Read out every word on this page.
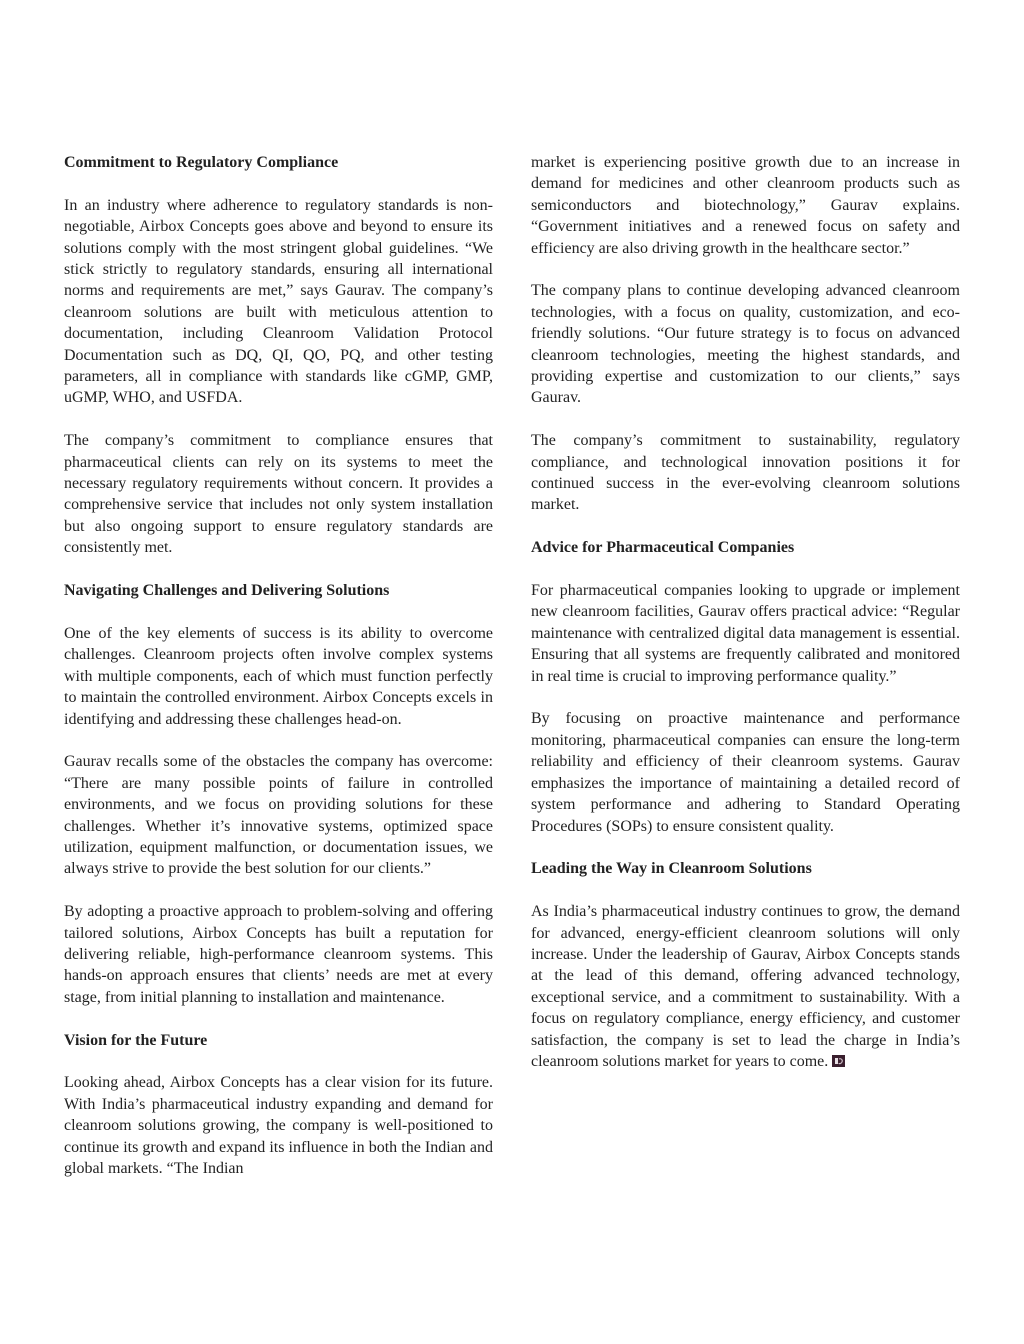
Commitment to Regulatory Compliance

In an industry where adherence to regulatory standards is non-negotiable, Airbox Concepts goes above and beyond to ensure its solutions comply with the most stringent global guidelines. “We stick strictly to regulatory standards, ensuring all international norms and requirements are met,” says Gaurav. The company’s cleanroom solutions are built with meticulous attention to documentation, including Cleanroom Validation Protocol Documentation such as DQ, QI, QO, PQ, and other testing parameters, all in compliance with standards like cGMP, GMP, uGMP, WHO, and USFDA.

The company’s commitment to compliance ensures that pharmaceutical clients can rely on its systems to meet the necessary regulatory requirements without concern. It provides a comprehensive service that includes not only system installation but also ongoing support to ensure regulatory standards are consistently met.

Navigating Challenges and Delivering Solutions

One of the key elements of success is its ability to overcome challenges. Cleanroom projects often involve complex systems with multiple components, each of which must function perfectly to maintain the controlled environment. Airbox Concepts excels in identifying and addressing these challenges head-on.

Gaurav recalls some of the obstacles the company has overcome: “There are many possible points of failure in controlled environments, and we focus on providing solutions for these challenges. Whether it’s innovative systems, optimized space utilization, equipment malfunction, or documentation issues, we always strive to provide the best solution for our clients.”

By adopting a proactive approach to problem-solving and offering tailored solutions, Airbox Concepts has built a reputation for delivering reliable, high-performance cleanroom systems. This hands-on approach ensures that clients’ needs are met at every stage, from initial planning to installation and maintenance.

Vision for the Future

Looking ahead, Airbox Concepts has a clear vision for its future. With India’s pharmaceutical industry expanding and demand for cleanroom solutions growing, the company is well-positioned to continue its growth and expand its influence in both the Indian and global markets. “The Indian

market is experiencing positive growth due to an increase in demand for medicines and other cleanroom products such as semiconductors and biotechnology,” Gaurav explains. “Government initiatives and a renewed focus on safety and efficiency are also driving growth in the healthcare sector.”

The company plans to continue developing advanced cleanroom technologies, with a focus on quality, customization, and eco-friendly solutions. “Our future strategy is to focus on advanced cleanroom technologies, meeting the highest standards, and providing expertise and customization to our clients,” says Gaurav.

The company’s commitment to sustainability, regulatory compliance, and technological innovation positions it for continued success in the ever-evolving cleanroom solutions market.

Advice for Pharmaceutical Companies

For pharmaceutical companies looking to upgrade or implement new cleanroom facilities, Gaurav offers practical advice: “Regular maintenance with centralized digital data management is essential. Ensuring that all systems are frequently calibrated and monitored in real time is crucial to improving performance quality.”

By focusing on proactive maintenance and performance monitoring, pharmaceutical companies can ensure the long-term reliability and efficiency of their cleanroom systems. Gaurav emphasizes the importance of maintaining a detailed record of system performance and adhering to Standard Operating Procedures (SOPs) to ensure consistent quality.

Leading the Way in Cleanroom Solutions

As India’s pharmaceutical industry continues to grow, the demand for advanced, energy-efficient cleanroom solutions will only increase. Under the leadership of Gaurav, Airbox Concepts stands at the lead of this demand, offering advanced technology, exceptional service, and a commitment to sustainability. With a focus on regulatory compliance, energy efficiency, and customer satisfaction, the company is set to lead the charge in India’s cleanroom solutions market for years to come.
